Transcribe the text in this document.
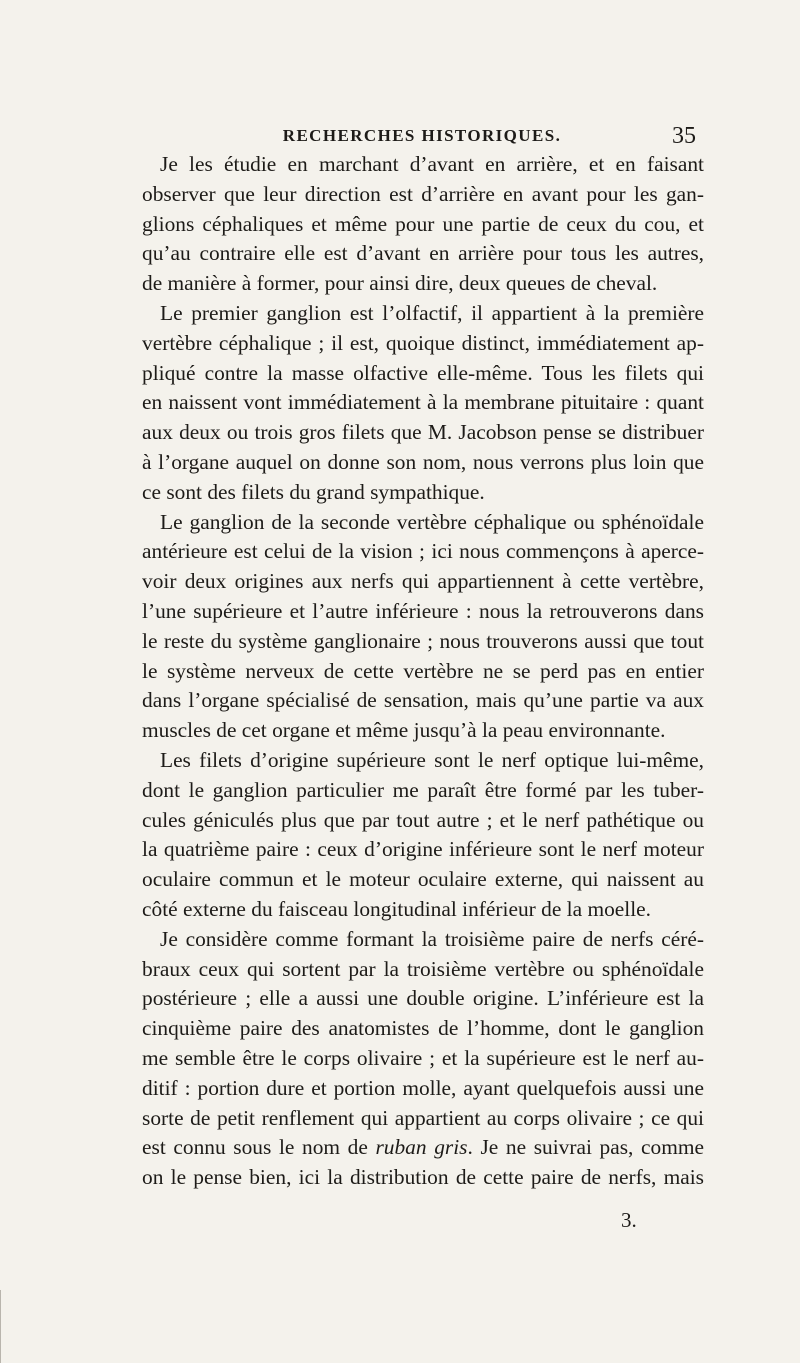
RECHERCHES HISTORIQUES.	35
Je les étudie en marchant d’avant en arrière, et en faisant
observer que leur direction est d’arrière en avant pour les gan-
glions céphaliques et même pour une partie de ceux du cou, et
qu’au contraire elle est d’avant en arrière pour tous les autres,
de manière à former, pour ainsi dire, deux queues de cheval.
Le premier ganglion est l’olfactif, il appartient à la première
vertèbre céphalique ; il est, quoique distinct, immédiatement ap-
pliqué contre la masse olfactive elle-même. Tous les filets qui
en naissent vont immédiatement à la membrane pituitaire : quant
aux deux ou trois gros filets que M. Jacobson pense se distribuer
à l’organe auquel on donne son nom, nous verrons plus loin que
ce sont des filets du grand sympathique.
Le ganglion de la seconde vertèbre céphalique ou sphénoïdale
antérieure est celui de la vision ; ici nous commençons à aperce-
voir deux origines aux nerfs qui appartiennent à cette vertèbre,
l’une supérieure et l’autre inférieure : nous la retrouverons dans
le reste du système ganglionaire ; nous trouverons aussi que tout
le système nerveux de cette vertèbre ne se perd pas en entier
dans l’organe spécialisé de sensation, mais qu’une partie va aux
muscles de cet organe et même jusqu’à la peau environnante.
Les filets d’origine supérieure sont le nerf optique lui-même,
dont le ganglion particulier me paraît être formé par les tuber-
cules géniculés plus que par tout autre ; et le nerf pathétique ou
la quatrième paire : ceux d’origine inférieure sont le nerf moteur
oculaire commun et le moteur oculaire externe, qui naissent au
côté externe du faisceau longitudinal inférieur de la moelle.
Je considère comme formant la troisième paire de nerfs céré-
braux ceux qui sortent par la troisième vertèbre ou sphénoïdale
postérieure ; elle a aussi une double origine. L’inférieure est la
cinquième paire des anatomistes de l’homme, dont le ganglion
me semble être le corps olivaire ; et la supérieure est le nerf au-
ditif : portion dure et portion molle, ayant quelquefois aussi une
sorte de petit renflement qui appartient au corps olivaire ; ce qui
est connu sous le nom de ruban gris. Je ne suivrai pas, comme
on le pense bien, ici la distribution de cette paire de nerfs, mais
3.
